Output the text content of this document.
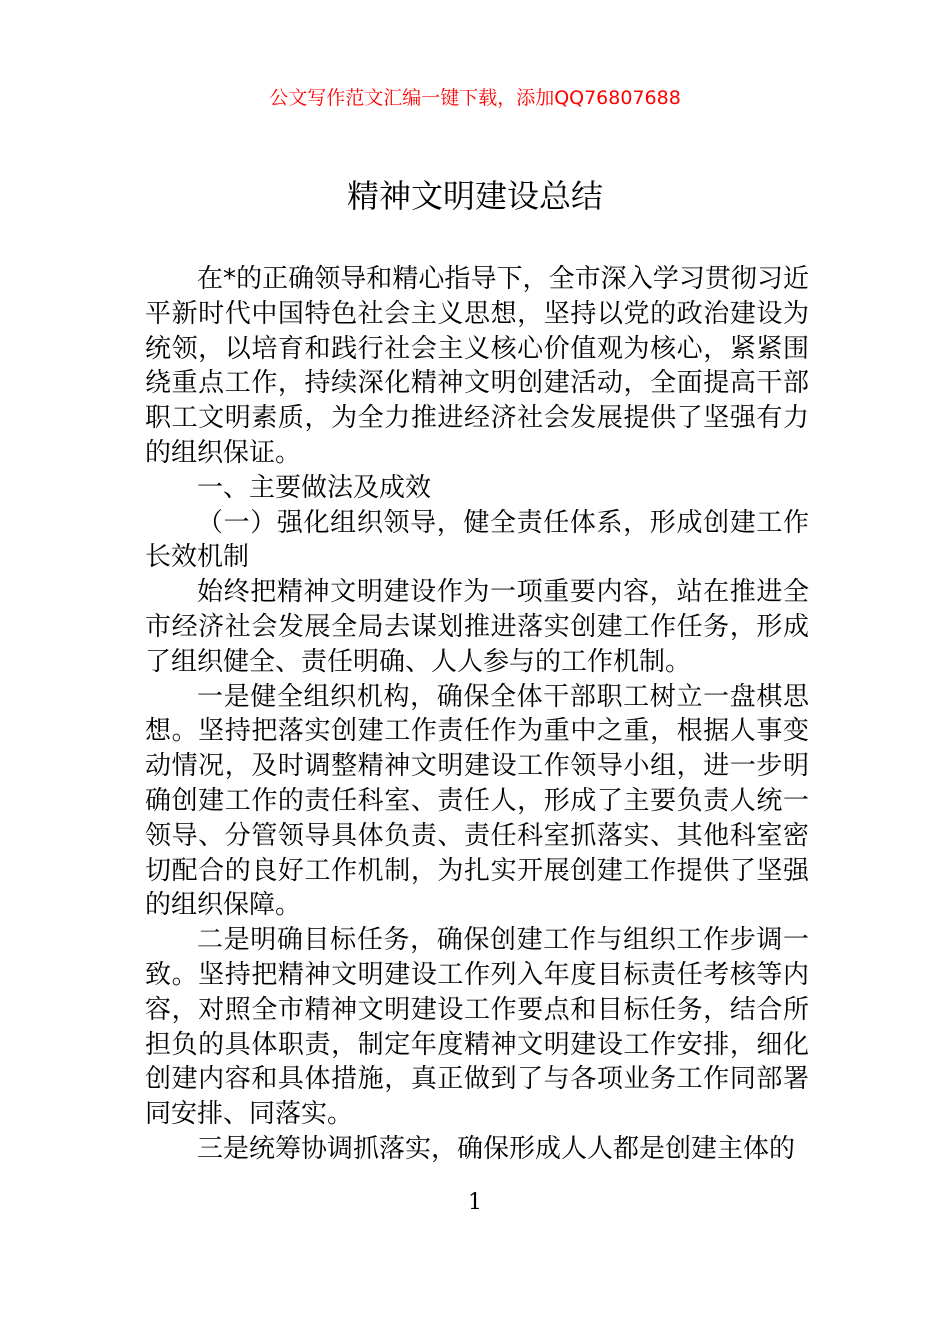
公文写作范文汇编一键下载，添加QQ76807688
精神文明建设总结

在*的正确领导和精心指导下，全市深入学习贯彻习近平新时代中国特色社会主义思想，坚持以党的政治建设为统领，以培育和践行社会主义核心价值观为核心，紧紧围绕重点工作，持续深化精神文明创建活动，全面提高干部职工文明素质，为全力推进经济社会发展提供了坚强有力的组织保证。

一、主要做法及成效

（一）强化组织领导，健全责任体系，形成创建工作长效机制

始终把精神文明建设作为一项重要内容，站在推进全市经济社会发展全局去谋划推进落实创建工作任务，形成了组织健全、责任明确、人人参与的工作机制。

一是健全组织机构，确保全体干部职工树立一盘棋思想。坚持把落实创建工作责任作为重中之重，根据人事变动情况，及时调整精神文明建设工作领导小组，进一步明确创建工作的责任科室、责任人，形成了主要负责人统一领导、分管领导具体负责、责任科室抓落实、其他科室密切配合的良好工作机制，为扎实开展创建工作提供了坚强的组织保障。

二是明确目标任务，确保创建工作与组织工作步调一致。坚持把精神文明建设工作列入年度目标责任考核等内容，对照全市精神文明建设工作要点和目标任务，结合所担负的具体职责，制定年度精神文明建设工作安排，细化创建内容和具体措施，真正做到了与各项业务工作同部署同安排、同落实。

三是统筹协调抓落实，确保形成人人都是创建主体的

1
